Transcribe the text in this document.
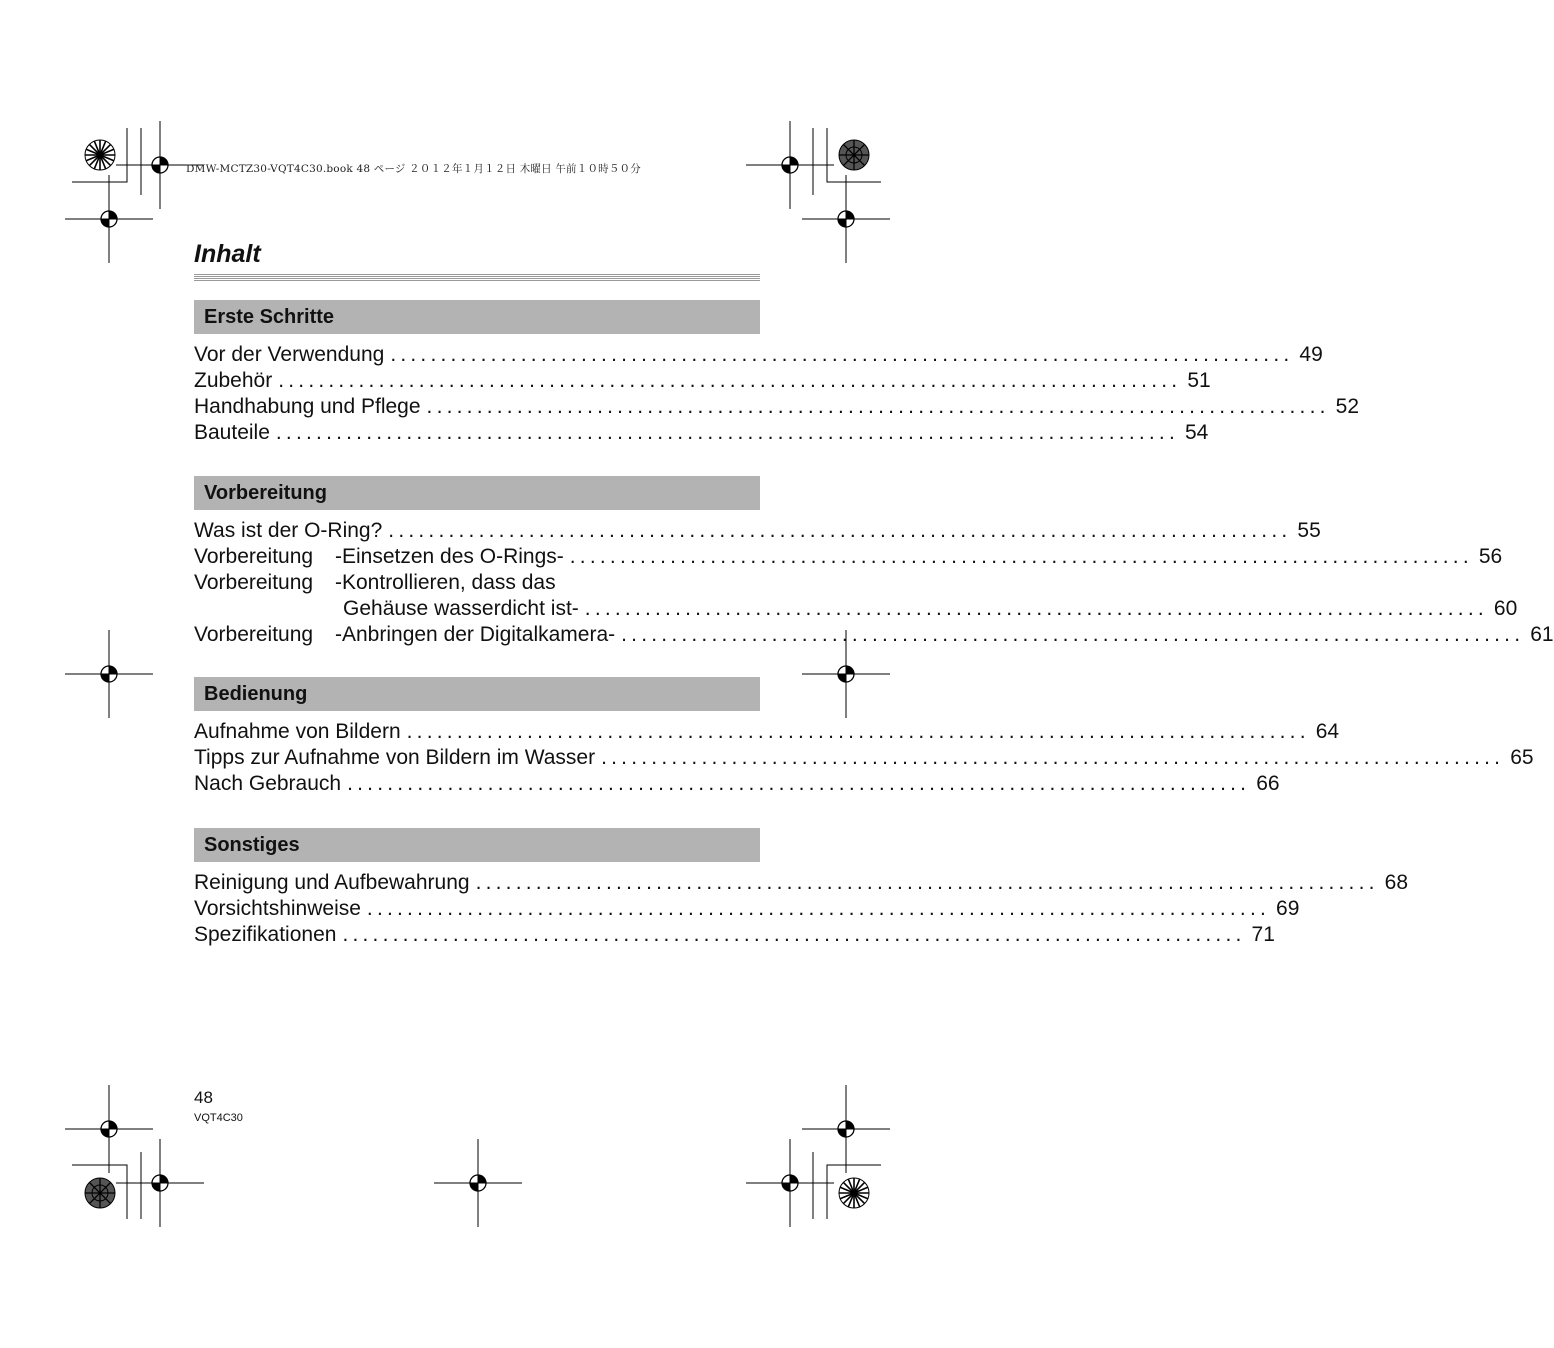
DMW-MCTZ30-VQT4C30.book 48 ページ ２０１２年１月１２日 木曜日 午前１０時５０分
Inhalt
Erste Schritte
Vor der Verwendung .......................................................................................... 49
Zubehör .......................................................................................... 51
Handhabung und Pflege .......................................................................................... 52
Bauteile .......................................................................................... 54
Vorbereitung
Was ist der O-Ring? .......................................................................................... 55
Vorbereitung -Einsetzen des O-Rings- .......................................................................................... 56
Vorbereitung -Kontrollieren, dass das
Gehäuse wasserdicht ist- .......................................................................................... 60
Vorbereitung -Anbringen der Digitalkamera- .......................................................................................... 61
Bedienung
Aufnahme von Bildern .......................................................................................... 64
Tipps zur Aufnahme von Bildern im Wasser .......................................................................................... 65
Nach Gebrauch .......................................................................................... 66
Sonstiges
Reinigung und Aufbewahrung .......................................................................................... 68
Vorsichtshinweise .......................................................................................... 69
Spezifikationen .......................................................................................... 71
48
VQT4C30
